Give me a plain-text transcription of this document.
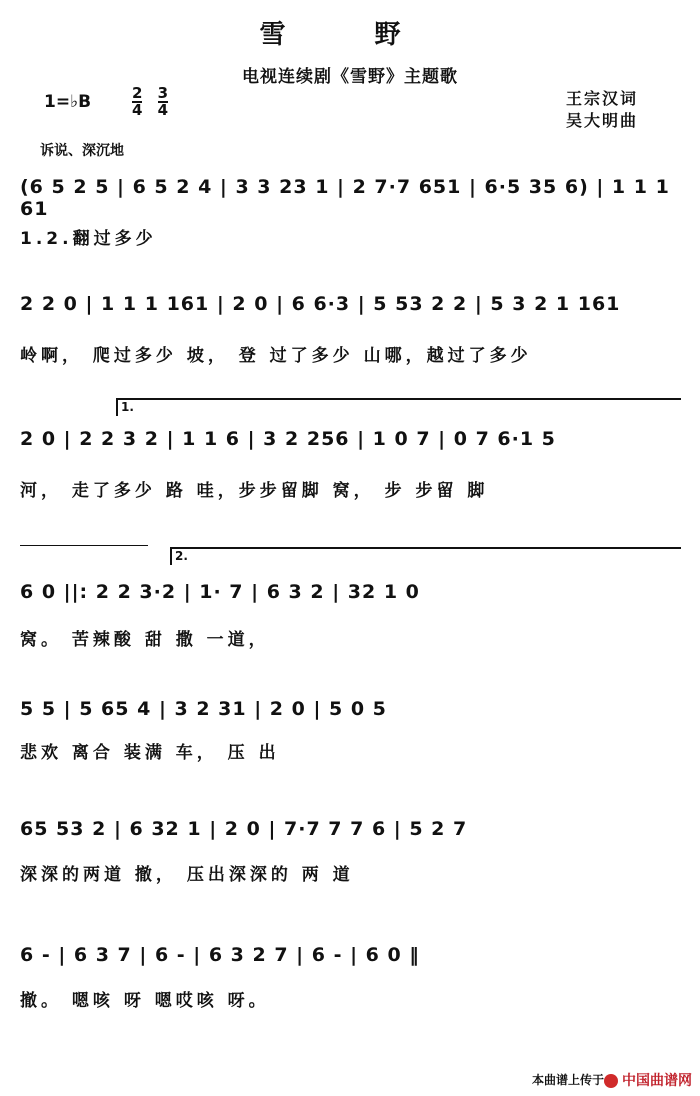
雪 野
电视连续剧《雪野》主题歌
1=♭B	$\frac{2}{4}$
$\frac{3}{4}$	王宗汉词
吴大明曲
诉说、深沉地
(6 5 2 5 | 6 5 2 4 | 3 3 23 1 | 2 7·7 651 | 6·5 35 6) | 1 1 1 61
1.2.翻过多少
2 2 0 | 1 1 1 161 | 2 0 | 6 6·3 | 5 53 2 2 | 5 3 2 1 161
岭啊， 爬过多少 坡， 登 过了多少 山哪，越过了多少
1.
2 0 | 2 2 3 2 | 1 1 6 | 3 2 256 | 1 0 7 | 0 7 6·1 5
河， 走了多少 路 哇，步步留脚 窝， 步 步留 脚
2.
6 0 ||: 2 2 3·2 | 1· 7 | 6 3 2 | 32 1 0
窝。 苦辣酸 甜 撒 一道，
5 5 | 5 65 4 | 3 2 31 | 2 0 | 5 0 5
悲欢 离合 装满 车， 压 出
65 53 2 | 6 32 1 | 2 0 | 7·7 7 7 6 | 5 2 7
深深的两道 撤， 压出深深的 两 道
6 - | 6 3 7 | 6 - | 6 3 2 7 | 6 - | 6 0 ‖
撤。 嗯咳 呀 嗯哎咳 呀。
本曲谱上传于	中国曲谱网
